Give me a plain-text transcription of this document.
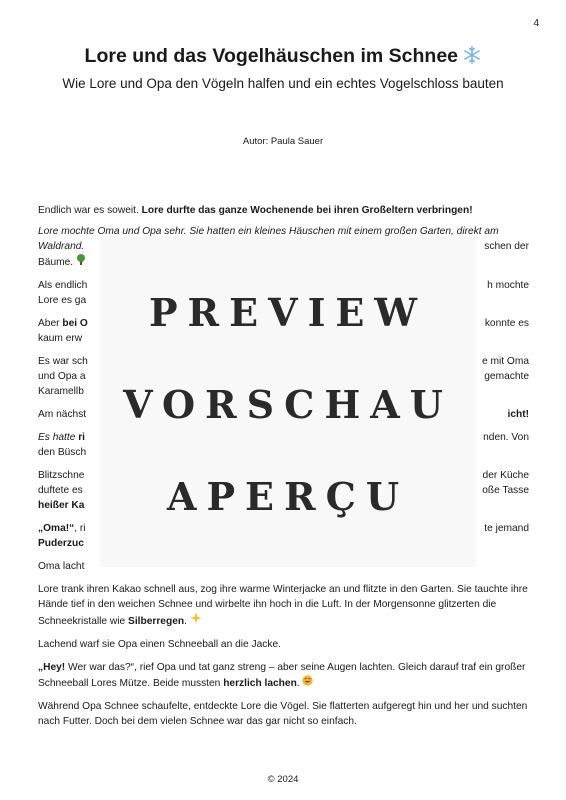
4
Lore und das Vogelhäuschen im Schnee

Wie Lore und Opa den Vögeln halfen und ein echtes Vogelschloss bauten

Autor: Paula Sauer

Endlich war es soweit. Lore durfte das ganze Wochenende bei ihren Großeltern verbringen!

Lore mochte Oma und Opa sehr. Sie hatten ein kleines Häuschen mit einem großen Garten, direkt am Waldrand.	schen der

Bäume.

Als endlich	h mochte

Lore es ga

Aber bei O	konnte es

kaum erw

Es war sch	e mit Oma

und Opa a	gemachte

Karamellb

Am nächst	icht!

Es hatte ri	nden. Von

den Büsch

Blitzschne	der Küche

duftete es	oße Tasse

heißer Ka

„Oma!“, ri	te jemand

Puderzuc

Oma lacht

Lore trank ihren Kakao schnell aus, zog ihre warme Winterjacke an und flitzte in den Garten. Sie tauchte ihre Hände tief in den weichen Schnee und wirbelte ihn hoch in die Luft. In der Morgensonne glitzerten die Schneekristalle wie Silberregen.

Lachend warf sie Opa einen Schneeball an die Jacke.

„Hey! Wer war das?“, rief Opa und tat ganz streng – aber seine Augen lachten. Gleich darauf traf ein großer Schneeball Lores Mütze. Beide mussten herzlich lachen.

Während Opa Schnee schaufelte, entdeckte Lore die Vögel. Sie flatterten aufgeregt hin und her und suchten nach Futter. Doch bei dem vielen Schnee war das gar nicht so einfach.

PREVIEW
VORSCHAU
APERÇU
© 2024
